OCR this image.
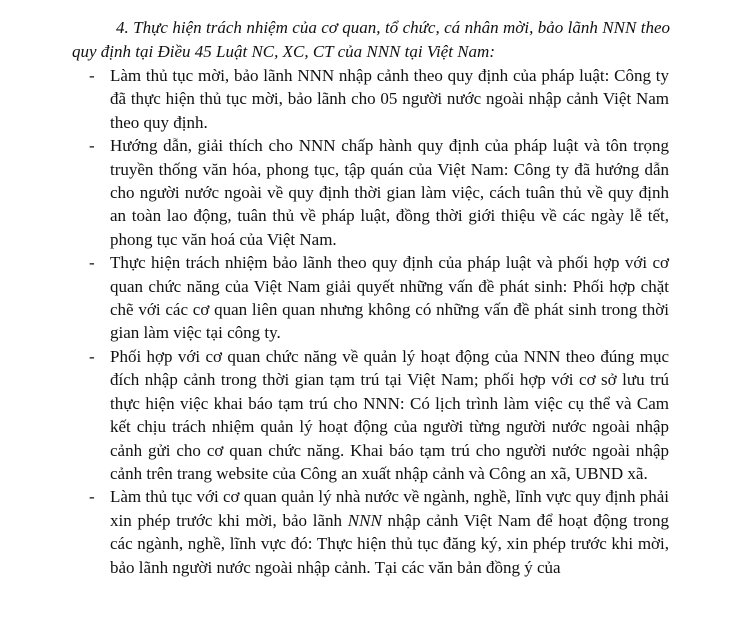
4. Thực hiện trách nhiệm của cơ quan, tổ chức, cá nhân mời, bảo lãnh NNN theo quy định tại Điều 45 Luật NC, XC, CT của NNN tại Việt Nam:

- Làm thủ tục mời, bảo lãnh NNN nhập cảnh theo quy định của pháp luật: Công ty đã thực hiện thủ tục mời, bảo lãnh cho 05 người nước ngoài nhập cảnh Việt Nam theo quy định.
- Hướng dẫn, giải thích cho NNN chấp hành quy định của pháp luật và tôn trọng truyền thống văn hóa, phong tục, tập quán của Việt Nam: Công ty đã hướng dẫn cho người nước ngoài về quy định thời gian làm việc, cách tuân thủ về quy định an toàn lao động, tuân thủ về pháp luật, đồng thời giới thiệu về các ngày lễ tết, phong tục văn hoá của Việt Nam.
- Thực hiện trách nhiệm bảo lãnh theo quy định của pháp luật và phối hợp với cơ quan chức năng của Việt Nam giải quyết những vấn đề phát sinh: Phối hợp chặt chẽ với các cơ quan liên quan nhưng không có những vấn đề phát sinh trong thời gian làm việc tại công ty.
- Phối hợp với cơ quan chức năng về quản lý hoạt động của NNN theo đúng mục đích nhập cảnh trong thời gian tạm trú tại Việt Nam; phối hợp với cơ sở lưu trú thực hiện việc khai báo tạm trú cho NNN: Có lịch trình làm việc cụ thể và Cam kết chịu trách nhiệm quản lý hoạt động của người từng người nước ngoài nhập cảnh gửi cho cơ quan chức năng. Khai báo tạm trú cho người nước ngoài nhập cảnh trên trang website của Công an xuất nhập cảnh và Công an xã, UBND xã.
- Làm thủ tục với cơ quan quản lý nhà nước về ngành, nghề, lĩnh vực quy định phải xin phép trước khi mời, bảo lãnh NNN nhập cảnh Việt Nam để hoạt động trong các ngành, nghề, lĩnh vực đó: Thực hiện thủ tục đăng ký, xin phép trước khi mời, bảo lãnh người nước ngoài nhập cảnh. Tại các văn bản đồng ý của
